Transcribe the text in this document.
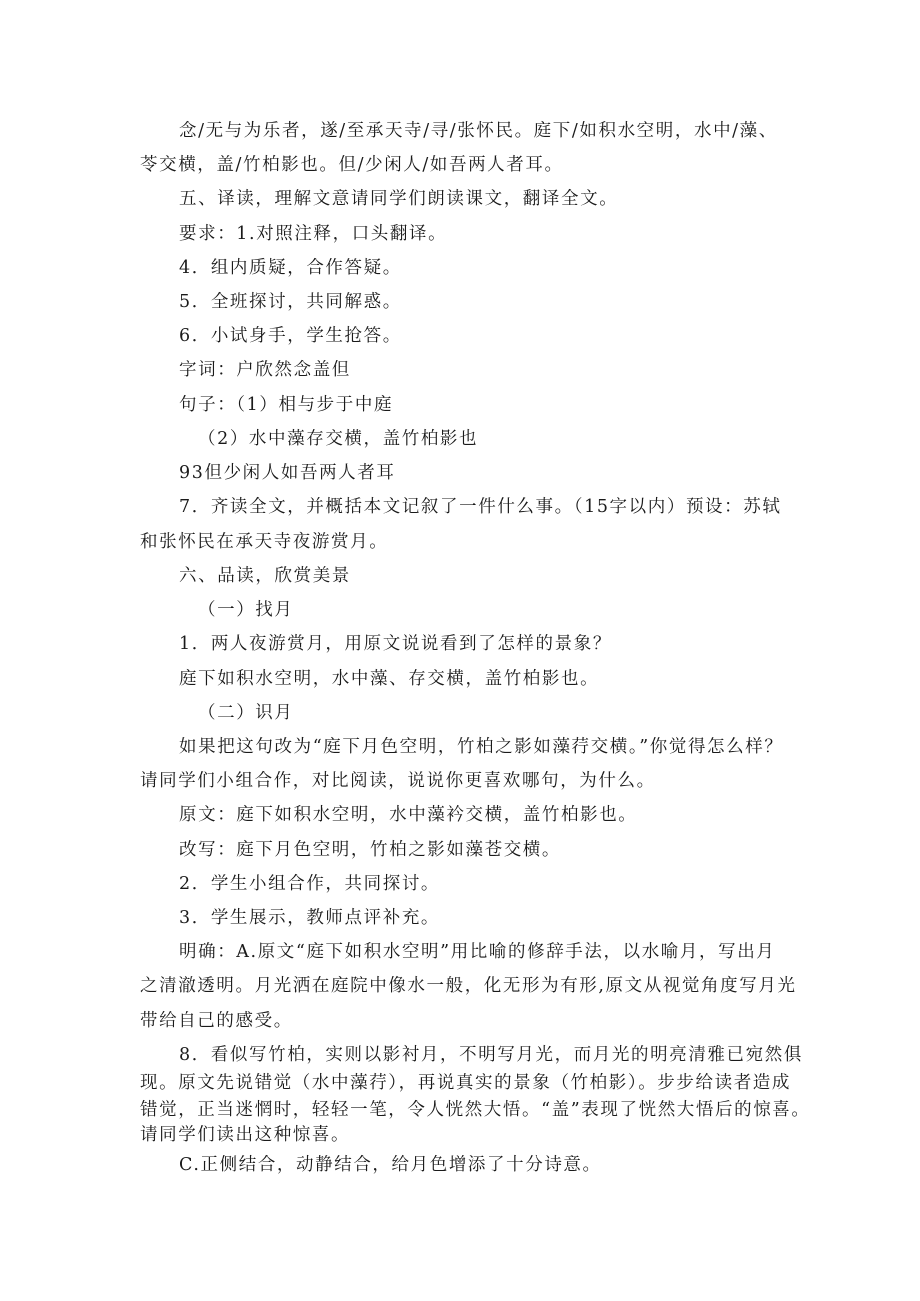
念/无与为乐者，遂/至承天寺/寻/张怀民。庭下/如积水空明，水中/藻、
苓交横，盖/竹柏影也。但/少闲人/如吾两人者耳。
五、译读，理解文意请同学们朗读课文，翻译全文。
要求：1.对照注释，口头翻译。
4．组内质疑，合作答疑。
5．全班探讨，共同解惑。
6．小试身手，学生抢答。
字词：户欣然念盖但
句子：（1）相与步于中庭
（2）水中藻存交横，盖竹柏影也
93但少闲人如吾两人者耳
7．齐读全文，并概括本文记叙了一件什么事。（15字以内）预设：苏轼
和张怀民在承天寺夜游赏月。
六、品读，欣赏美景
（一）找月
1．两人夜游赏月，用原文说说看到了怎样的景象？
庭下如积水空明，水中藻、存交横，盖竹柏影也。
（二）识月
如果把这句改为“庭下月色空明，竹柏之影如藻荇交横。”你觉得怎么样？
请同学们小组合作，对比阅读，说说你更喜欢哪句，为什么。
原文：庭下如积水空明，水中藻衿交横，盖竹柏影也。
改写：庭下月色空明，竹柏之影如藻苍交横。
2．学生小组合作，共同探讨。
3．学生展示，教师点评补充。
明确：A.原文“庭下如积水空明”用比喻的修辞手法，以水喻月，写出月
之清澈透明。月光洒在庭院中像水一般，化无形为有形,原文从视觉角度写月光
带给自己的感受。
8．看似写竹柏，实则以影衬月，不明写月光，而月光的明亮清雅已宛然俱
现。原文先说错觉（水中藻荇），再说真实的景象（竹柏影）。步步给读者造成
错觉，正当迷惘时，轻轻一笔，令人恍然大悟。“盖”表现了恍然大悟后的惊喜。
请同学们读出这种惊喜。
C.正侧结合，动静结合，给月色增添了十分诗意。
